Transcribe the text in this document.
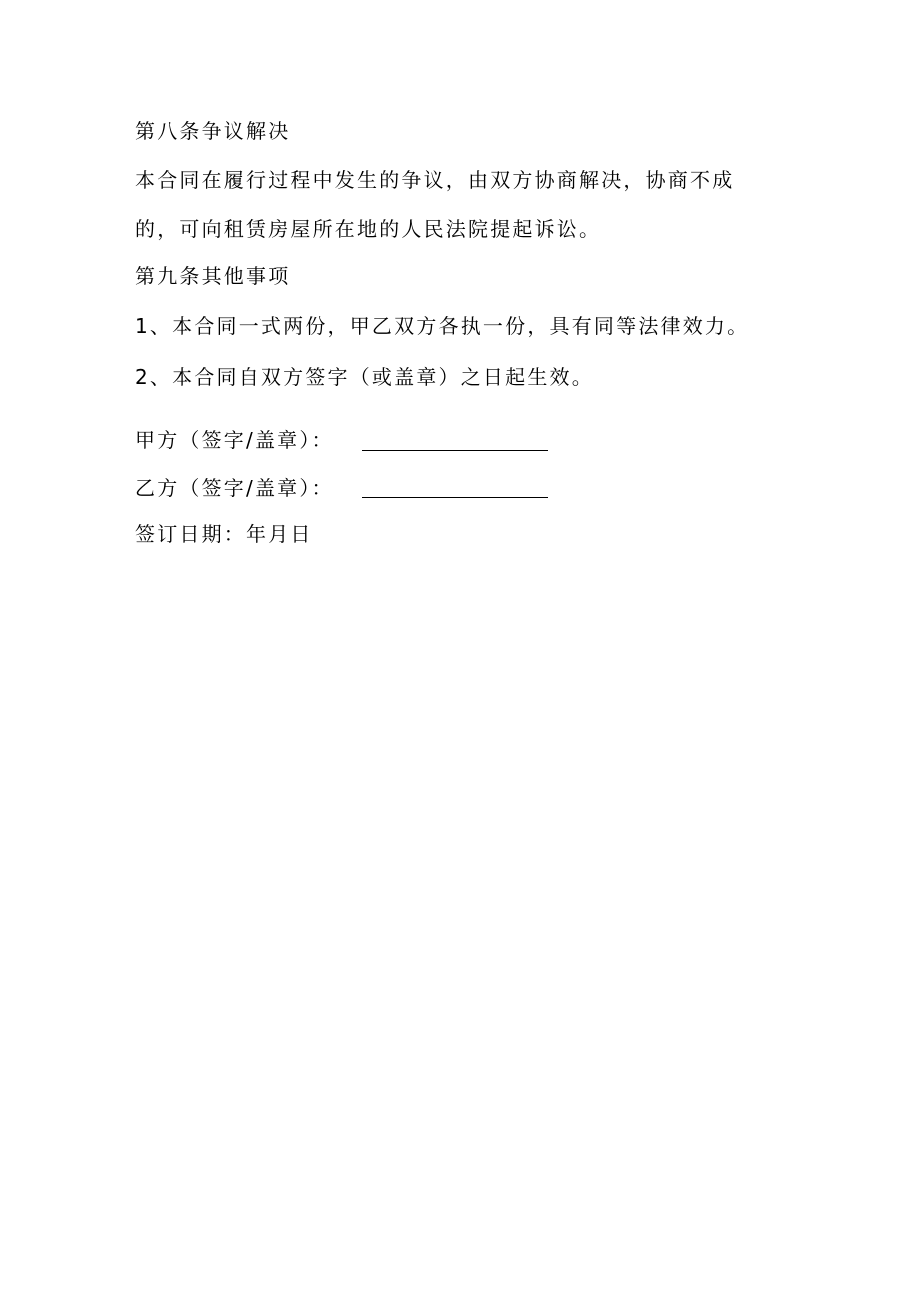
第八条争议解决
本合同在履行过程中发生的争议，由双方协商解决，协商不成
的，可向租赁房屋所在地的人民法院提起诉讼。
第九条其他事项
1、本合同一式两份，甲乙双方各执一份，具有同等法律效力。
2、本合同自双方签字（或盖章）之日起生效。
甲方（签字/盖章）：
乙方（签字/盖章）：
签订日期：年月日
